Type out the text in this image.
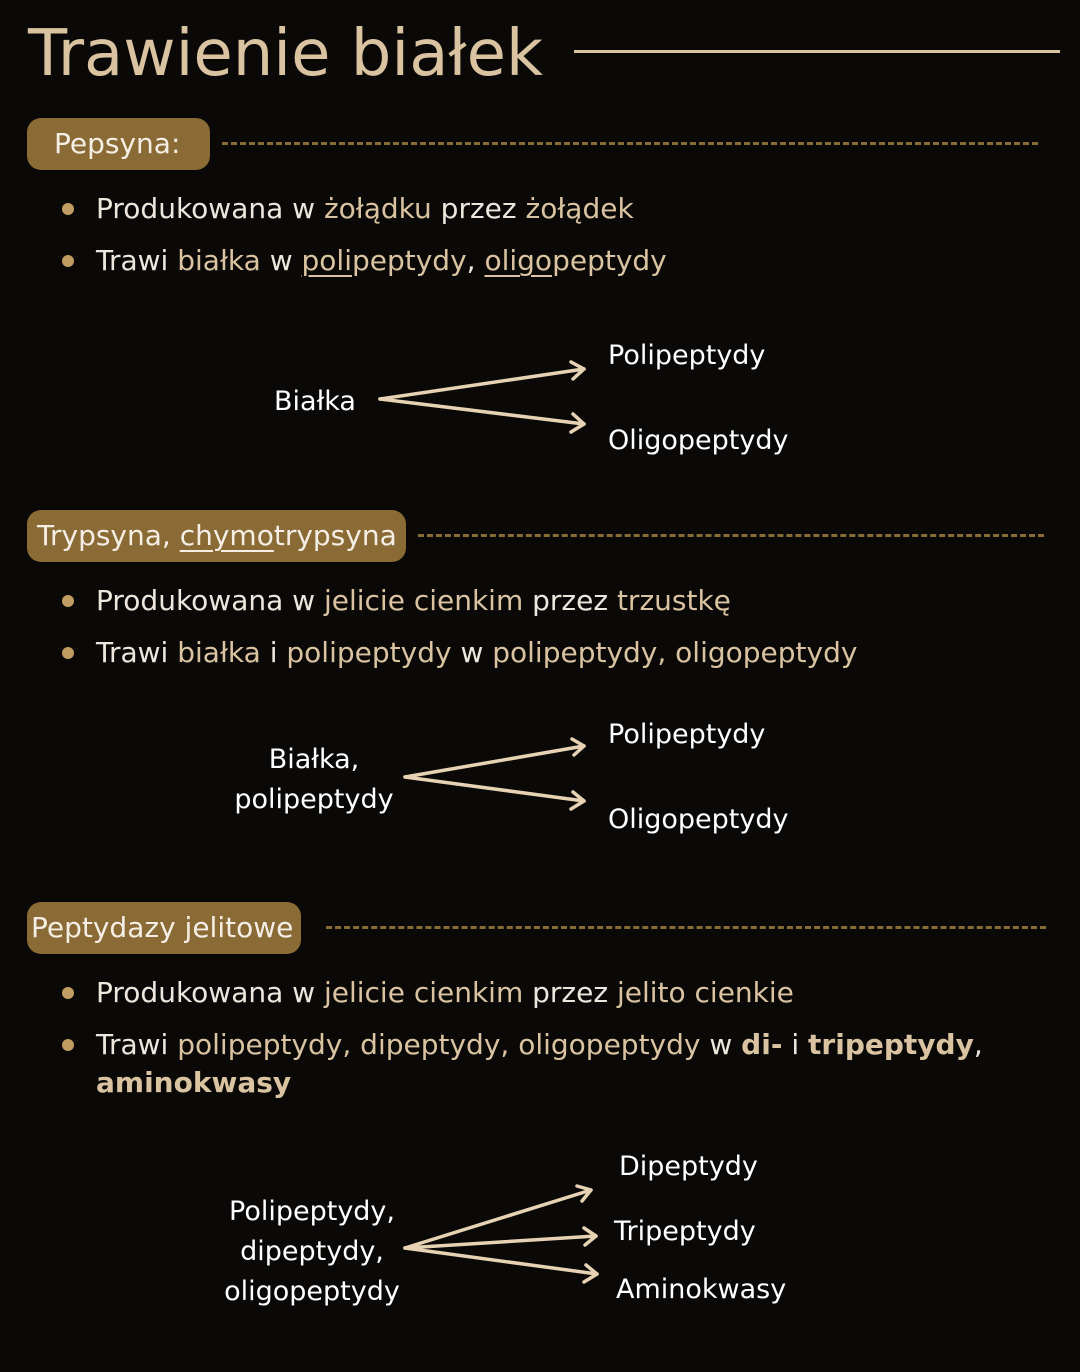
Trawienie białek
Pepsyna:
Produkowana w żołądku przez żołądek
Trawi białka w polipeptydy, oligopeptydy
Białka
Polipeptydy
Oligopeptydy
Trypsyna, chymotrypsyna
Produkowana w jelicie cienkim przez trzustkę
Trawi białka i polipeptydy w polipeptydy, oligopeptydy
Białka,
polipeptydy
Polipeptydy
Oligopeptydy
Peptydazy jelitowe
Produkowana w jelicie cienkim przez jelito cienkie
Trawi polipeptydy, dipeptydy, oligopeptydy w di- i tripeptydy,
aminokwasy
Polipeptydy,
dipeptydy,
oligopeptydy
Dipeptydy
Tripeptydy
Aminokwasy
